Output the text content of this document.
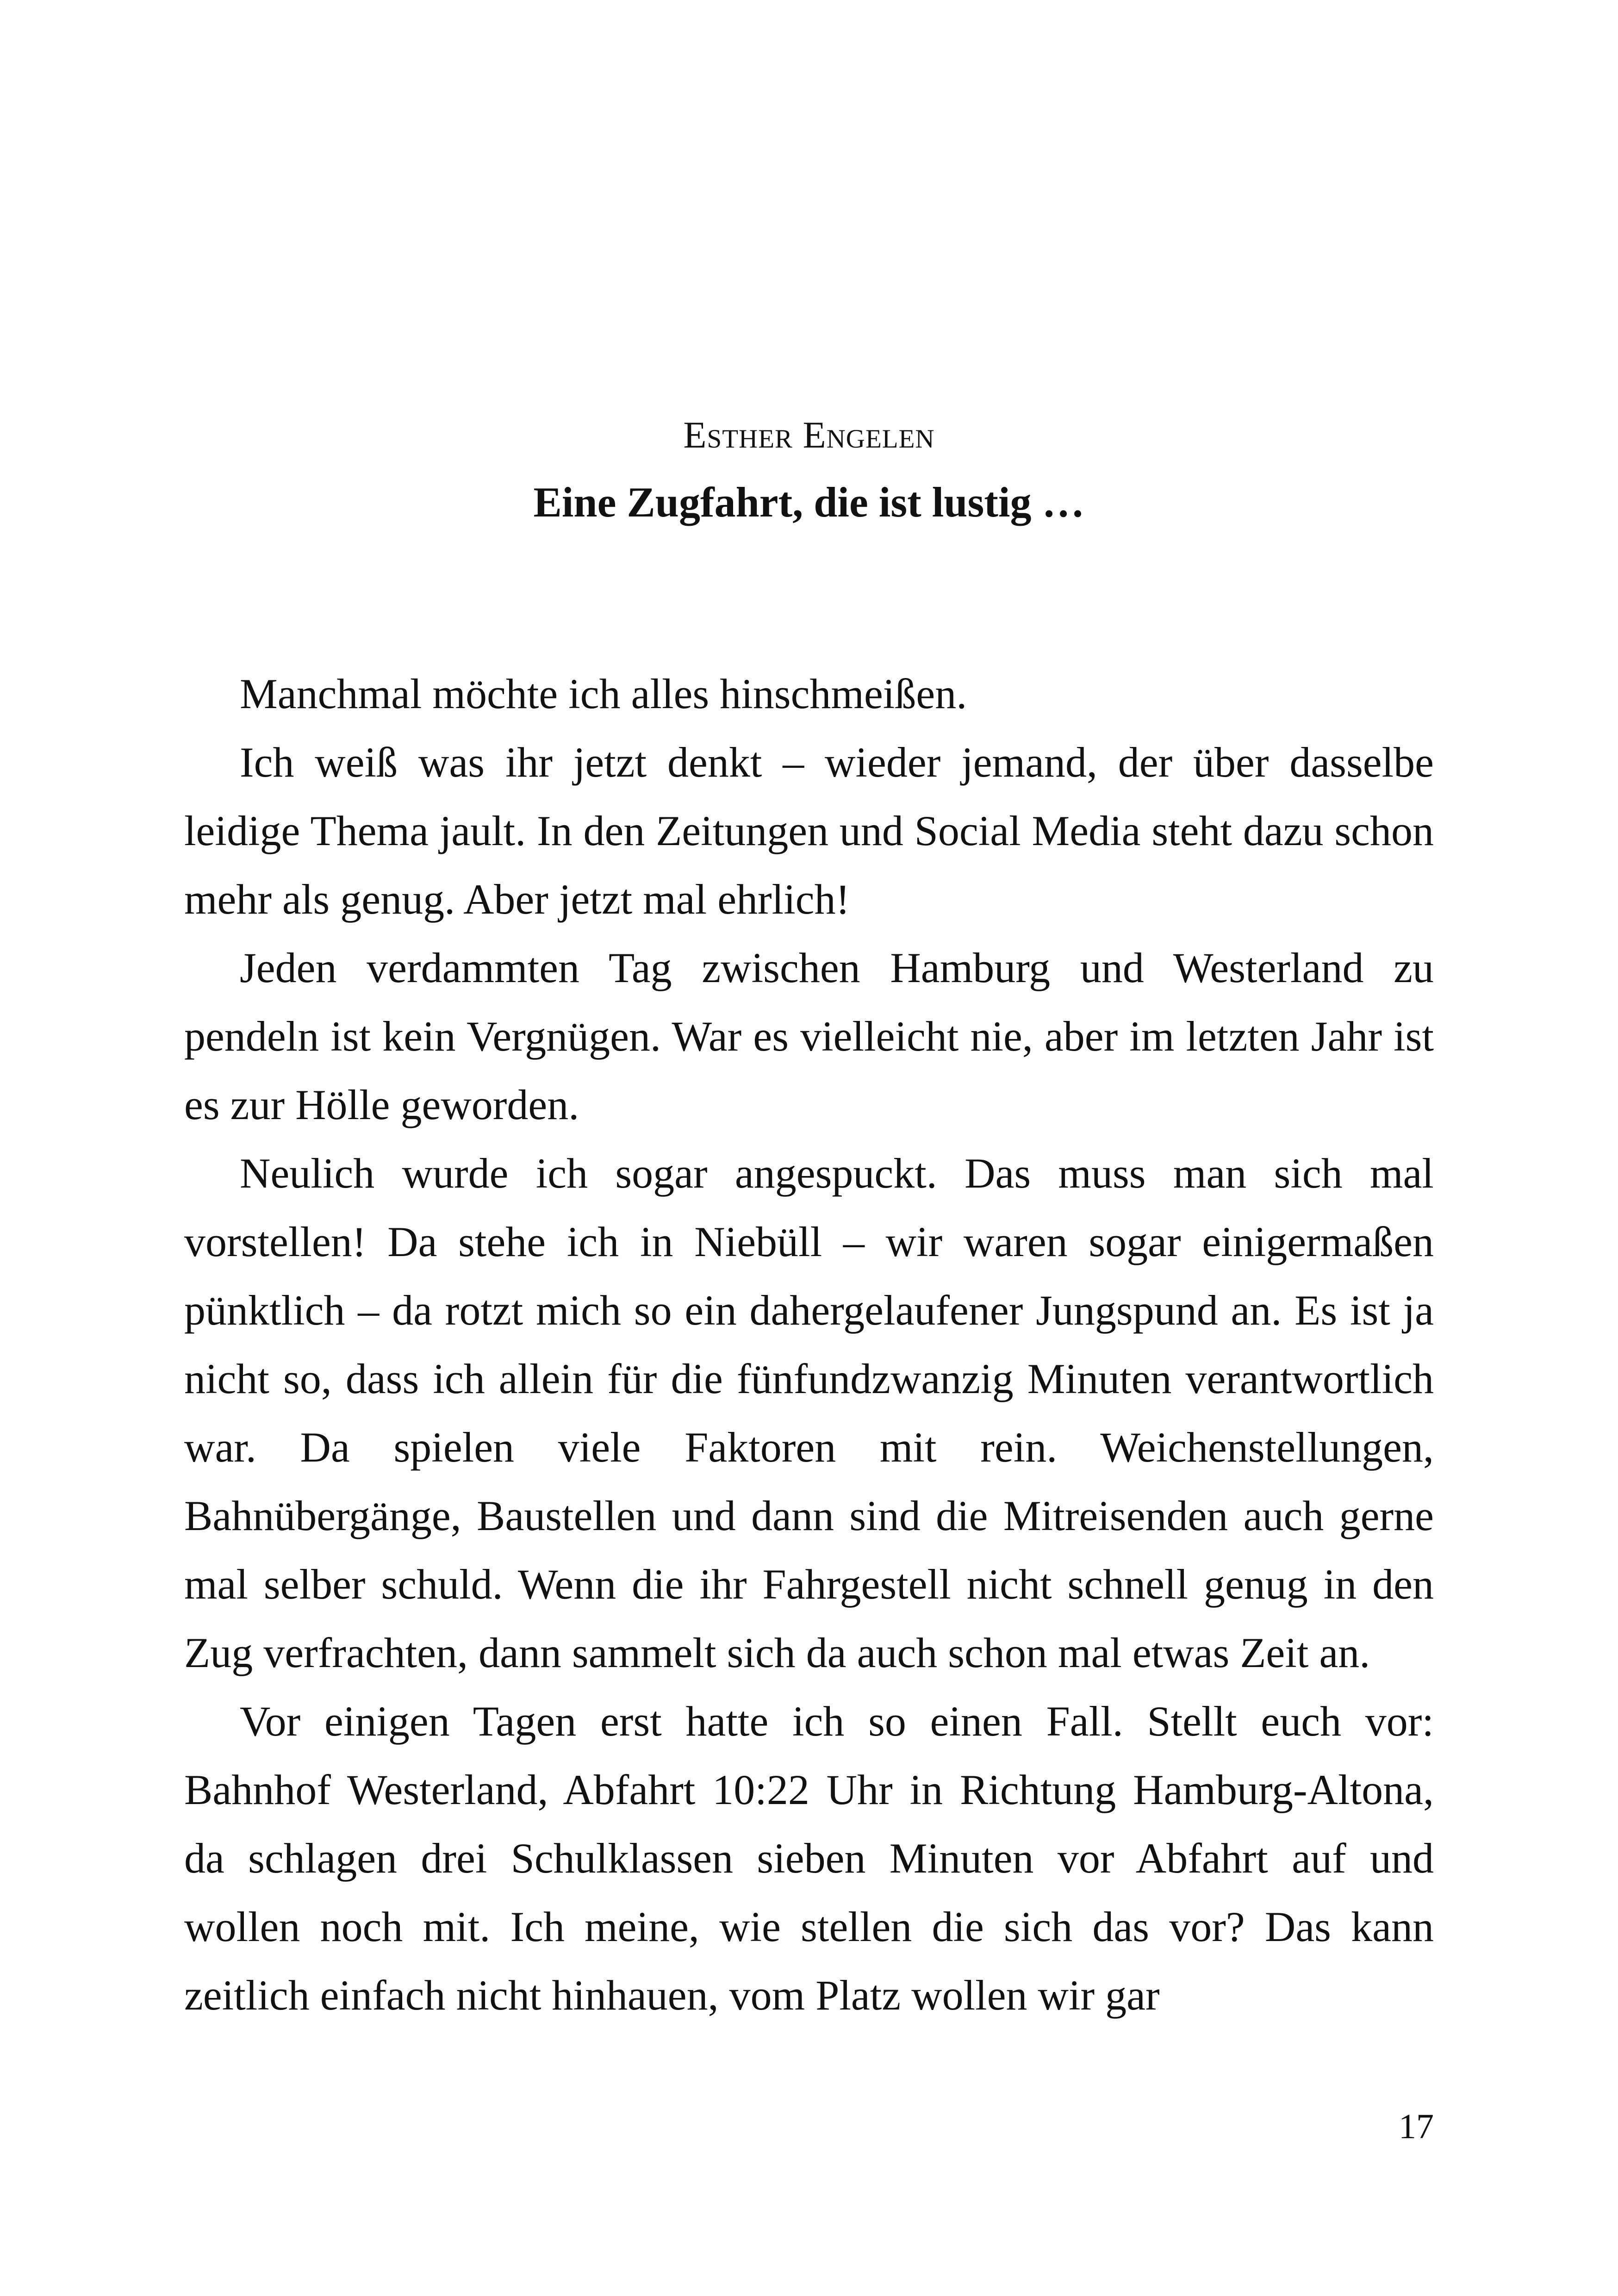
Esther Engelen
Eine Zugfahrt, die ist lustig …

Manchmal möchte ich alles hinschmeißen.

Ich weiß was ihr jetzt denkt – wieder jemand, der über dasselbe leidige Thema jault. In den Zeitungen und Social Media steht dazu schon mehr als genug. Aber jetzt mal ehrlich!

Jeden verdammten Tag zwischen Hamburg und Westerland zu pendeln ist kein Vergnügen. War es vielleicht nie, aber im letzten Jahr ist es zur Hölle geworden.

Neulich wurde ich sogar angespuckt. Das muss man sich mal vorstellen! Da stehe ich in Niebüll – wir waren sogar einigermaßen pünktlich – da rotzt mich so ein dahergelaufener Jungspund an. Es ist ja nicht so, dass ich allein für die fünfundzwanzig Minuten verantwortlich war. Da spielen viele Faktoren mit rein. Weichenstellungen, Bahnübergänge, Baustellen und dann sind die Mitreisenden auch gerne mal selber schuld. Wenn die ihr Fahrgestell nicht schnell genug in den Zug verfrachten, dann sammelt sich da auch schon mal etwas Zeit an.

Vor einigen Tagen erst hatte ich so einen Fall. Stellt euch vor: Bahnhof Westerland, Abfahrt 10:22 Uhr in Richtung Hamburg-Altona, da schlagen drei Schulklassen sieben Minuten vor Abfahrt auf und wollen noch mit. Ich meine, wie stellen die sich das vor? Das kann zeitlich einfach nicht hinhauen, vom Platz wollen wir gar

17
